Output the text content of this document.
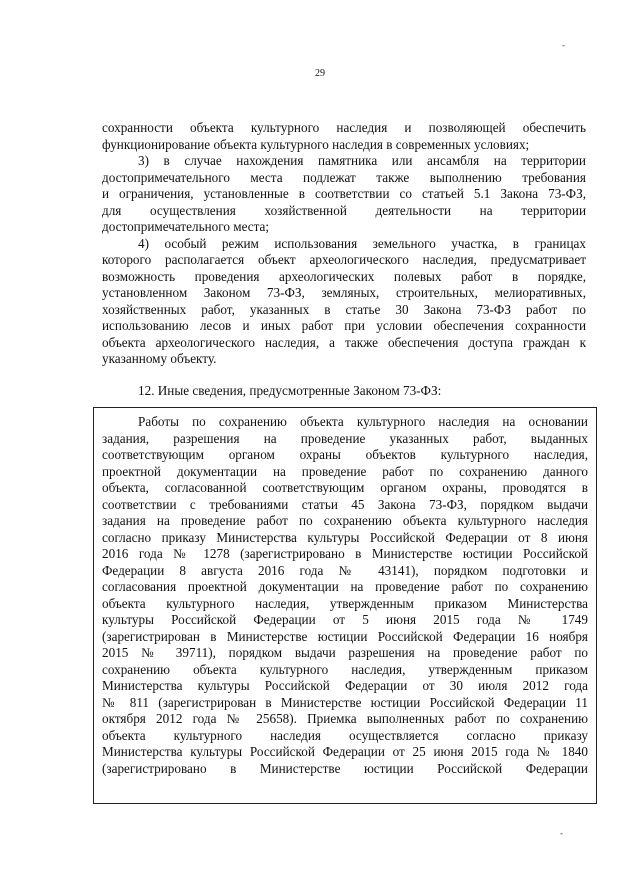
-
29
сохранности объекта культурного наследия и позволяющей обеспечить
функционирование объекта культурного наследия в современных условиях;
3) в случае нахождения памятника или ансамбля на территории
достопримечательного места подлежат также выполнению требования
и ограничения, установленные в соответствии со статьей 5.1 Закона 73-ФЗ,
для осуществления хозяйственной деятельности на территории
достопримечательного места;
4) особый режим использования земельного участка, в границах
которого располагается объект археологического наследия, предусматривает
возможность проведения археологических полевых работ в порядке,
установленном Законом 73-ФЗ, земляных, строительных, мелиоративных,
хозяйственных работ, указанных в статье 30 Закона 73-ФЗ работ по
использованию лесов и иных работ при условии обеспечения сохранности
объекта археологического наследия, а также обеспечения доступа граждан к
указанному объекту.
12. Иные сведения, предусмотренные Законом 73-ФЗ:
Работы по сохранению объекта культурного наследия на основании
задания, разрешения на проведение указанных работ, выданных
соответствующим органом охраны объектов культурного наследия,
проектной документации на проведение работ по сохранению данного
объекта, согласованной соответствующим органом охраны, проводятся в
соответствии с требованиями статьи 45 Закона 73-ФЗ, порядком выдачи
задания на проведение работ по сохранению объекта культурного наследия
согласно приказу Министерства культуры Российской Федерации от 8 июня
2016 года № 1278 (зарегистрировано в Министерстве юстиции Российской
Федерации 8 августа 2016 года № 43141), порядком подготовки и
согласования проектной документации на проведение работ по сохранению
объекта культурного наследия, утвержденным приказом Министерства
культуры Российской Федерации от 5 июня 2015 года № 1749
(зарегистрирован в Министерстве юстиции Российской Федерации 16 ноября
2015 № 39711), порядком выдачи разрешения на проведение работ по
сохранению объекта культурного наследия, утвержденным приказом
Министерства культуры Российской Федерации от 30 июля 2012 года
№ 811 (зарегистрирован в Министерстве юстиции Российской Федерации 11
октября 2012 года № 25658). Приемка выполненных работ по сохранению
объекта культурного наследия осуществляется согласно приказу
Министерства культуры Российской Федерации от 25 июня 2015 года № 1840
(зарегистрировано в Министерстве юстиции Российской Федерации
-
